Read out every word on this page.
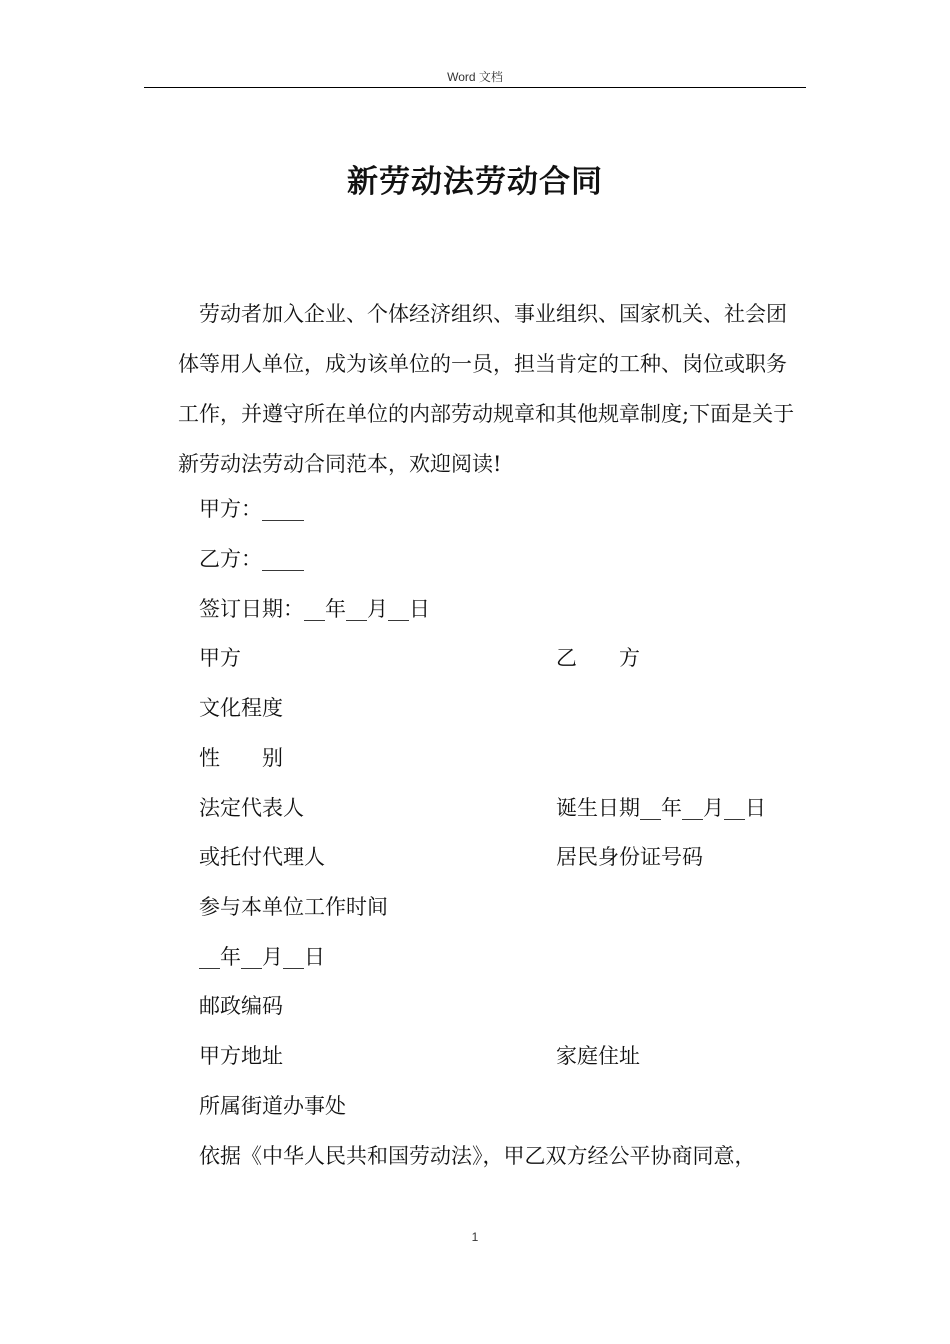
Word 文档
新劳动法劳动合同

劳动者加入企业、个体经济组织、事业组织、国家机关、社会团体等用人单位，成为该单位的一员，担当肯定的工种、岗位或职务工作，并遵守所在单位的内部劳动规章和其他规章制度;下面是关于新劳动法劳动合同范本，欢迎阅读!

甲方：____
乙方：____
签订日期：__年__月__日
甲方	乙　　方
文化程度
性　　别
法定代表人	诞生日期__年__月__日
或托付代理人	居民身份证号码
参与本单位工作时间
__年__月__日
邮政编码
甲方地址	家庭住址
所属街道办事处
依据《中华人民共和国劳动法》，甲乙双方经公平协商同意，
1
